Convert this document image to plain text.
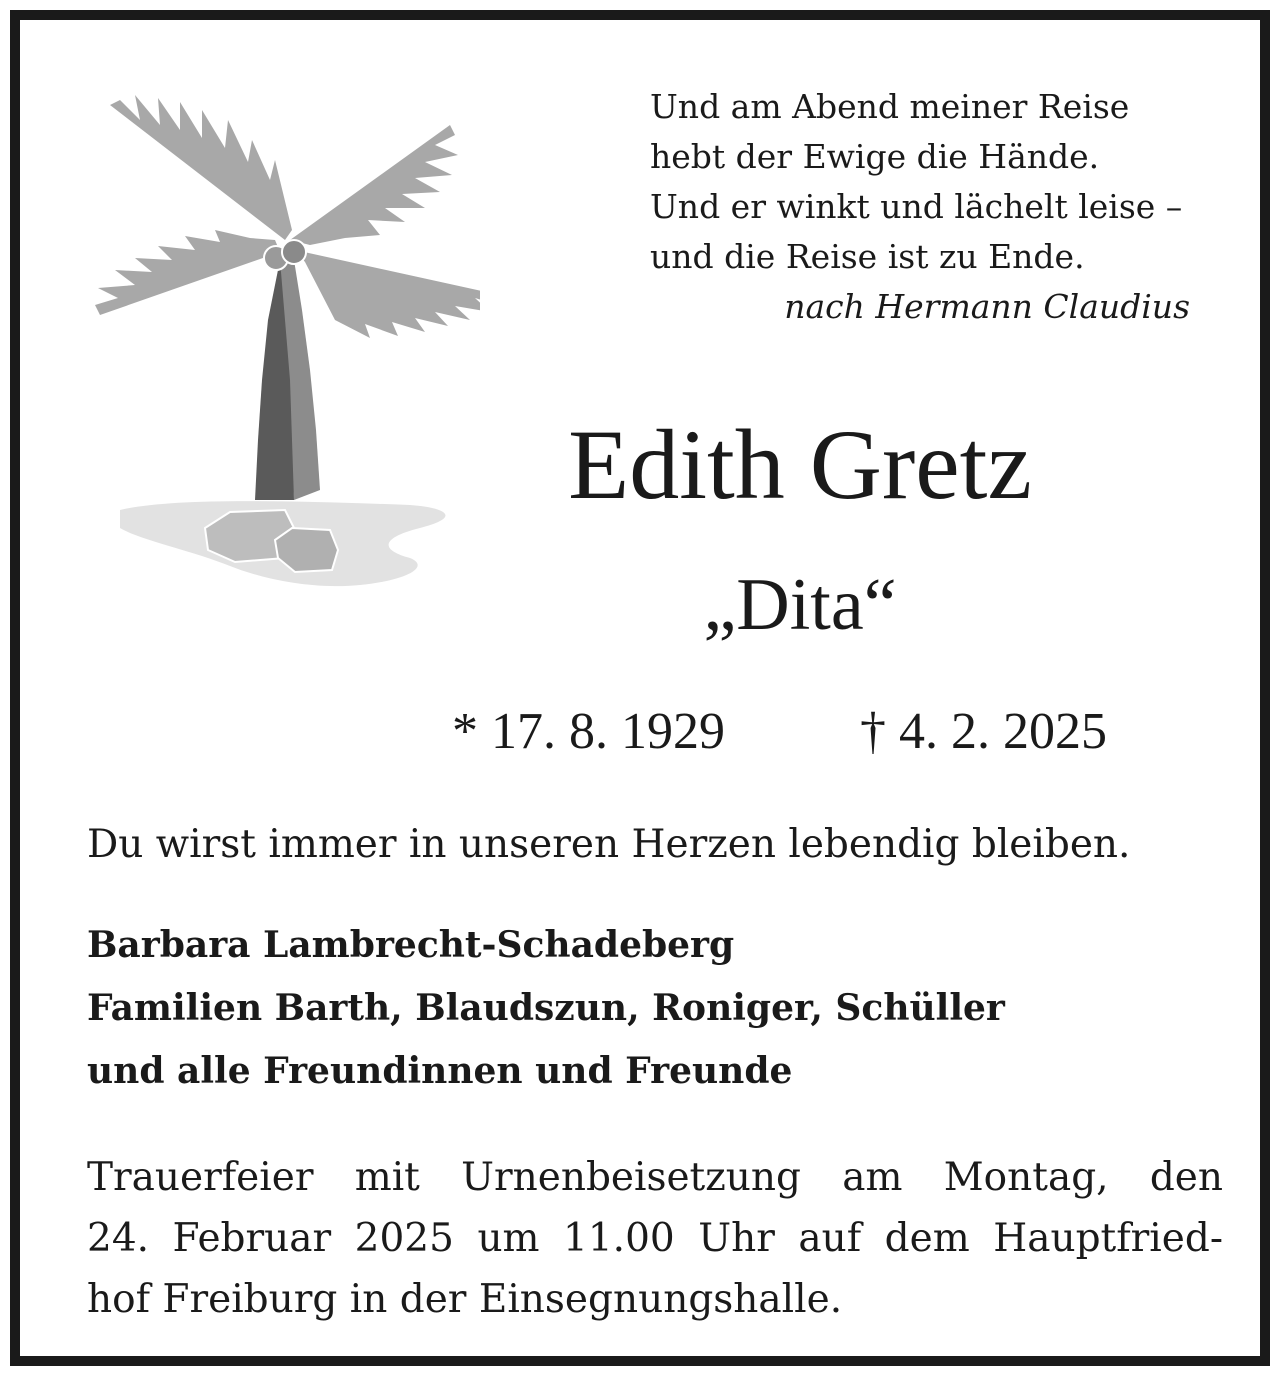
Und am Abend meiner Reise
hebt der Ewige die Hände.
Und er winkt und lächelt leise –
und die Reise ist zu Ende.
nach Hermann Claudius
Edith Gretz
„Dita“
* 17. 8. 1929	† 4. 2. 2025
Du wirst immer in unseren Herzen lebendig bleiben.
Barbara Lambrecht-Schadeberg
Familien Barth, Blaudszun, Roniger, Schüller
und alle Freundinnen und Freunde
Trauerfeier mit Urnenbeisetzung am Montag, den
24. Februar 2025 um 11.00 Uhr auf dem Hauptfried-
hof Freiburg in der Einsegnungshalle.
